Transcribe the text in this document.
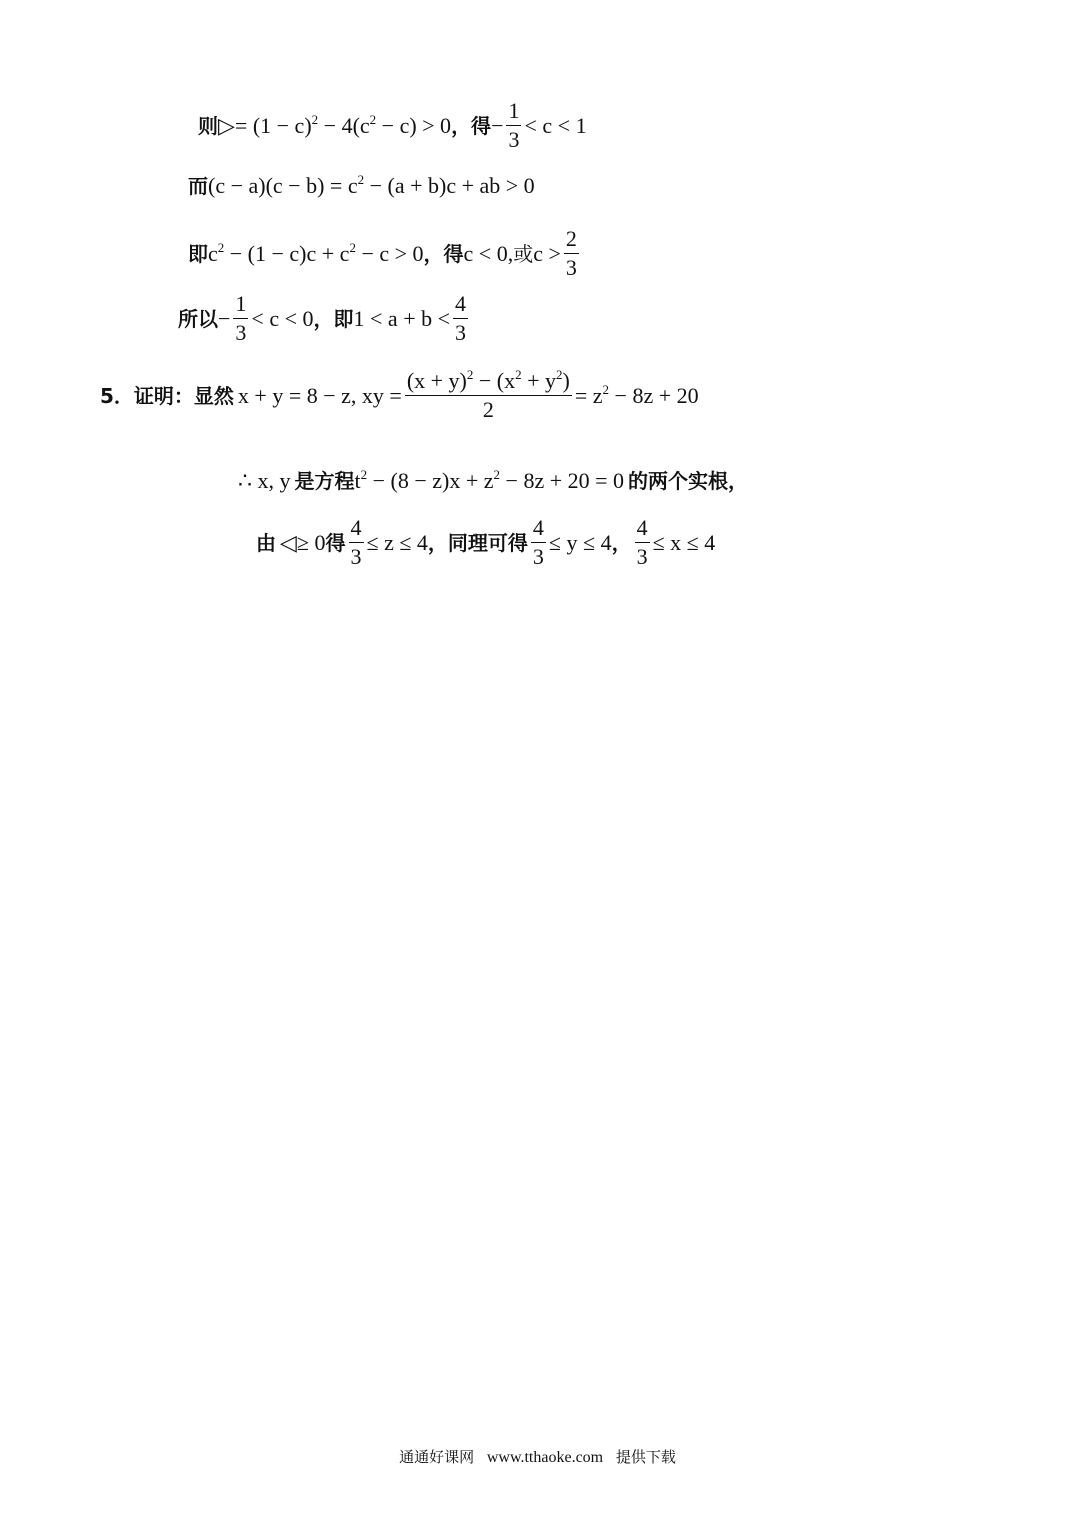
则 ▷= $(1 - c)^2 - 4(c^2 - c) > 0$ ，得 − $\frac{1}{3} < c < 1$
而 $(c - a)(c - b) = c^2 - (a + b)c$ + ab > 0
即 $c^2 - (1 - c)c + c^2 - c > 0$ ，得 c < 0, 或 $c > \frac{2}{3}$
所以 − $\frac{1}{3} < c < 0$ ，即 $1 < a + b < \frac{4}{3}$
5．证明：显然 x + y = 8 − z, xy = $\frac{(x + y)^2 - (x^2 + y^2)}{2} = z^2 - 8z + 20$
∴ x, y 是方程 $t^2 - (8 - z)x + z^2 - 8z + 20 = 0$ 的两个实根，
由 ◁≥ 0 得 $\frac{4}{3} \le z \le 4$ ，同理可得 $\frac{4}{3} \le y \le 4$ ， $\frac{4}{3} \le x \le 4$
通通好课网 www.tthaoke.com 提供下载
